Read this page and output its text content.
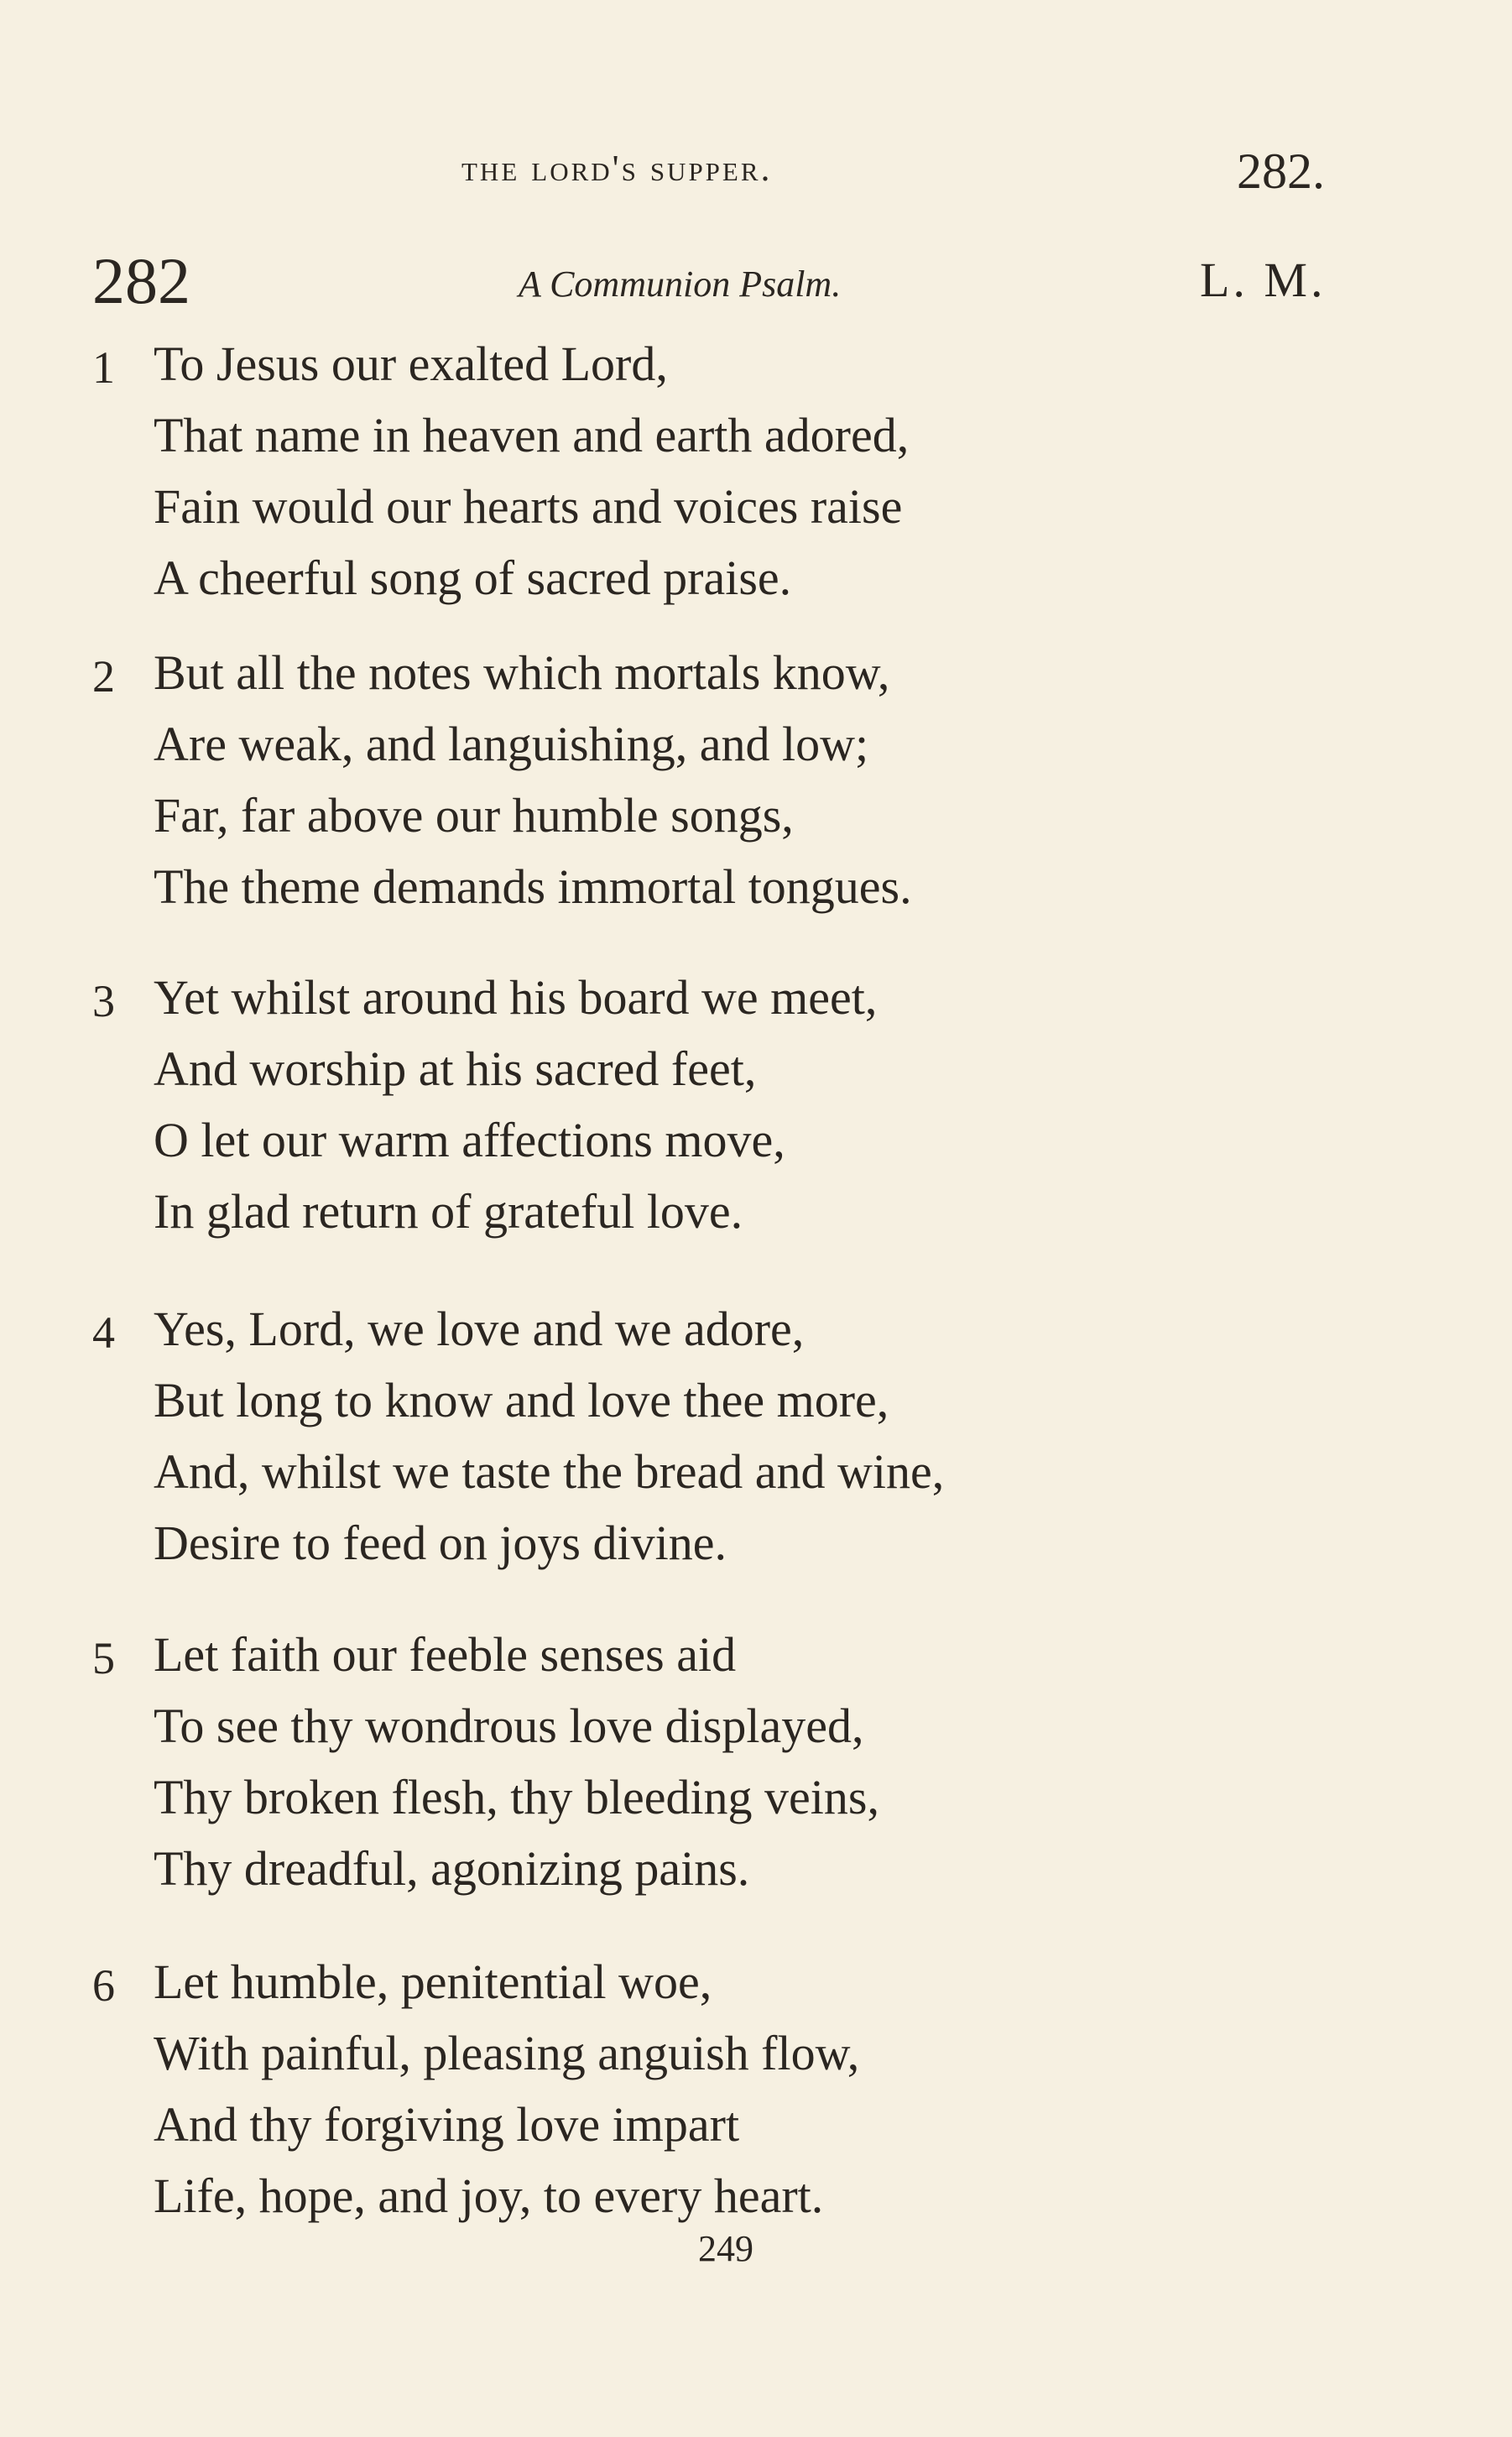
the lord's supper.	282.
282	A Communion Psalm.	L. M.
1 To Jesus our exalted Lord,
That name in heaven and earth adored,
Fain would our hearts and voices raise
A cheerful song of sacred praise.
2 But all the notes which mortals know,
Are weak, and languishing, and low;
Far, far above our humble songs,
The theme demands immortal tongues.
3 Yet whilst around his board we meet,
And worship at his sacred feet,
O let our warm affections move,
In glad return of grateful love.
4 Yes, Lord, we love and we adore,
But long to know and love thee more,
And, whilst we taste the bread and wine,
Desire to feed on joys divine.
5 Let faith our feeble senses aid
To see thy wondrous love displayed,
Thy broken flesh, thy bleeding veins,
Thy dreadful, agonizing pains.
6 Let humble, penitential woe,
With painful, pleasing anguish flow,
And thy forgiving love impart
Life, hope, and joy, to every heart.
249
